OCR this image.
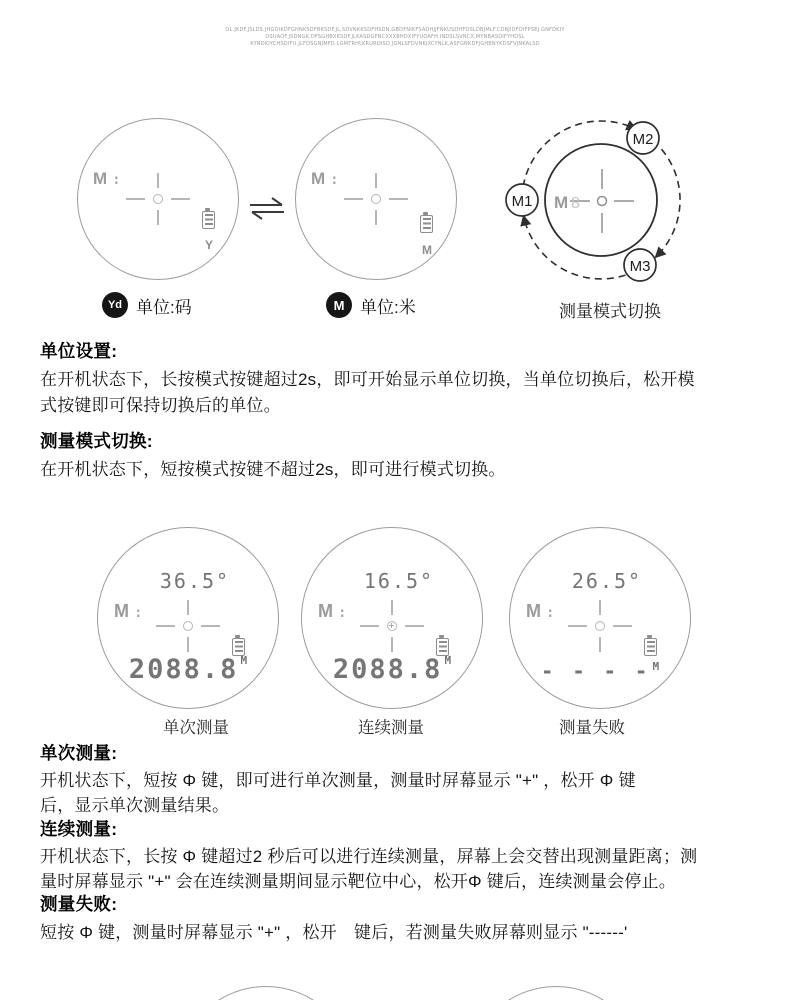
OL.JKDF.JSLDS.JHGOIKDFGHNKSDFBKSDF.JL,SDVNKKSDFHSDN,GBDFNIKFSADHJJFNKUSDHFOSLDBJMLF.CDBJIDFOIFPSEJ.GNFDKIY
OSUAOF.JSDNGK,DFSGHBXKSDF.JLKASDGFNCXXXBHDXIFYUOAFH.INDSLSVNCX,MYNBASDIFYHDSL
KYNDKIYCHSDIFU.JLFDSGNJMFD.LGMTRHLKRUROISD.JGNLSFDVNKJXCYNLK,ASFGNKDFJGHBNYKDSFVJNKALSD
M :
Y
M :
M
M 8
M1
M2
M3
Yd 单位:码	M 单位:米	测量模式切换
单位设置:
在开机状态下，长按模式按键超过2s，即可开始显示单位切换，当单位切换后，松开模
式按键即可保持切换后的单位。
测量模式切换:
在开机状态下，短按模式按键不超过2s，即可进行模式切换。
36.5°
M :
2088.8 $^M$
16.5°
M :
2088.8 $^M$
26.5°
M :
- - - - $^M$
单次测量	连续测量	测量失败
单次测量:
开机状态下，短按 Φ 键，即可进行单次测量，测量时屏幕显示 "+" ，松开 Φ 键
后，显示单次测量结果。
连续测量:
开机状态下，长按 Φ 键超过2 秒后可以进行连续测量，屏幕上会交替出现测量距离；测
量时屏幕显示 "+" 会在连续测量期间显示靶位中心，松开Φ 键后，连续测量会停止。
测量失败:
短按 Φ 键，测量时屏幕显示 "+" ，松开　键后，若测量失败屏幕则显示 "------'
